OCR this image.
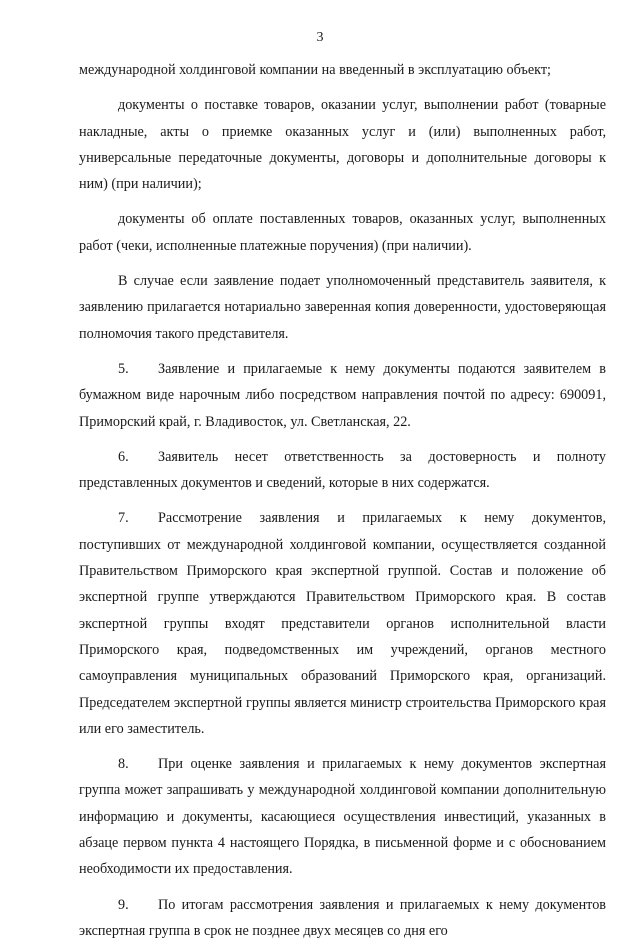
3

международной холдинговой компании на введенный в эксплуатацию объект;

документы о поставке товаров, оказании услуг, выполнении работ (товарные накладные, акты о приемке оказанных услуг и (или) выполненных работ, универсальные передаточные документы, договоры и дополнительные договоры к ним) (при наличии);

документы об оплате поставленных товаров, оказанных услуг, выполненных работ (чеки, исполненные платежные поручения) (при наличии).

В случае если заявление подает уполномоченный представитель заявителя, к заявлению прилагается нотариально заверенная копия доверенности, удостоверяющая полномочия такого представителя.

5. Заявление и прилагаемые к нему документы подаются заявителем в бумажном виде нарочным либо посредством направления почтой по адресу: 690091, Приморский край, г. Владивосток, ул. Светланская, 22.

6. Заявитель несет ответственность за достоверность и полноту представленных документов и сведений, которые в них содержатся.

7. Рассмотрение заявления и прилагаемых к нему документов, поступивших от международной холдинговой компании, осуществляется созданной Правительством Приморского края экспертной группой. Состав и положение об экспертной группе утверждаются Правительством Приморского края. В состав экспертной группы входят представители органов исполнительной власти Приморского края, подведомственных им учреждений, органов местного самоуправления муниципальных образований Приморского края, организаций. Председателем экспертной группы является министр строительства Приморского края или его заместитель.

8. При оценке заявления и прилагаемых к нему документов экспертная группа может запрашивать у международной холдинговой компании дополнительную информацию и документы, касающиеся осуществления инвестиций, указанных в абзаце первом пункта 4 настоящего Порядка, в письменной форме и с обоснованием необходимости их предоставления.

9. По итогам рассмотрения заявления и прилагаемых к нему документов экспертная группа в срок не позднее двух месяцев со дня его
